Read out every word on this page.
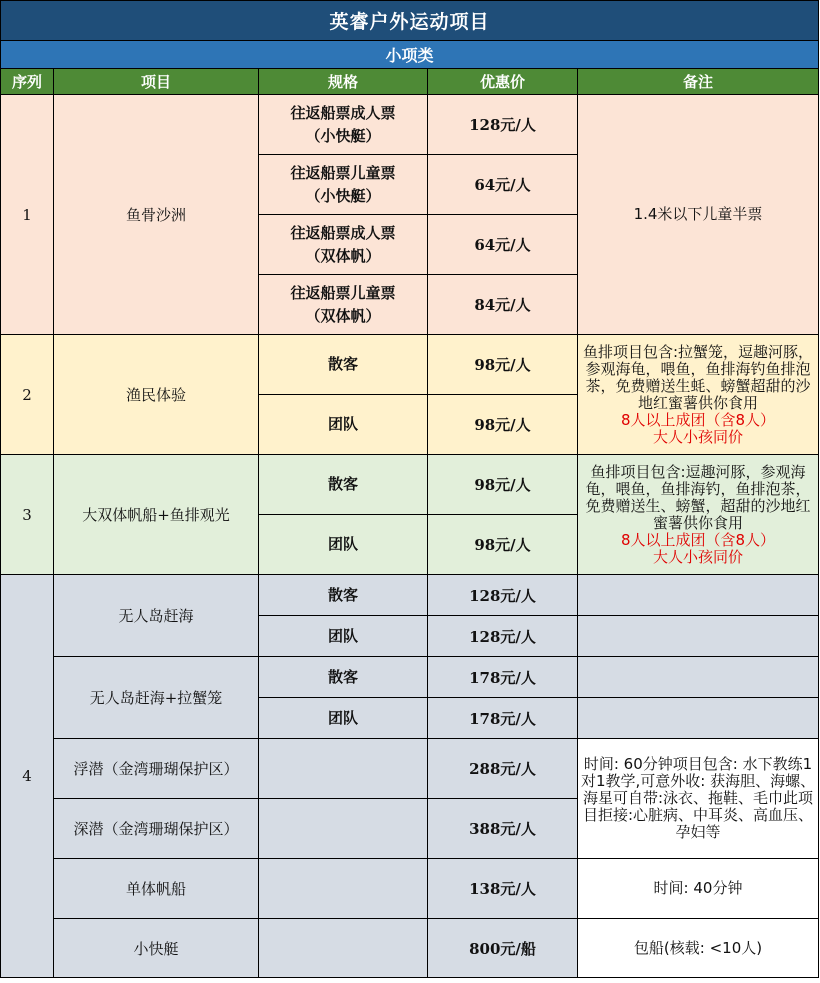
英睿户外运动项目				
小项类				
序列	项目	规格	优惠价	备注
1	鱼骨沙洲	往返船票成人票
（小快艇）	128元/人	1.4米以下儿童半票

		往返船票儿童票
（小快艇）	64元/人	

		往返船票成人票
（双体帆）	64元/人	

		往返船票儿童票
（双体帆）	84元/人	
2	渔民体验	散客	98元/人	鱼排项目包含:拉蟹笼，逗趣河豚，参观海龟，喂鱼，鱼排海钓鱼排泡茶，免费赠送生蚝、螃蟹超甜的沙地红蜜薯供你食用
8人以上成团（含8人）
大人小孩同价
		团队	98元/人	
3	大双体帆船+鱼排观光	散客	98元/人	鱼排项目包含:逗趣河豚，参观海龟，喂鱼，鱼排海钓，鱼排泡茶，免费赠送生、螃蟹，超甜的沙地红蜜薯供你食用
8人以上成团（含8人）
大人小孩同价
		团队	98元/人	
4	无人岛赶海	散客	128元/人	
		团队	128元/人	
	无人岛赶海+拉蟹笼	散客	178元/人	
		团队	178元/人	
	浮潜（金湾珊瑚保护区）		288元/人	时间: 60分钟项目包含: 水下教练1对1教学,可意外收: 获海胆、海螺、海星可自带:泳衣、拖鞋、毛巾此项目拒接:心脏病、中耳炎、高血压、孕妇等
	深潜（金湾珊瑚保护区）		388元/人	
	单体帆船		138元/人	时间: 40分钟
	小快艇		800元/船	包船(核载: <10人)
